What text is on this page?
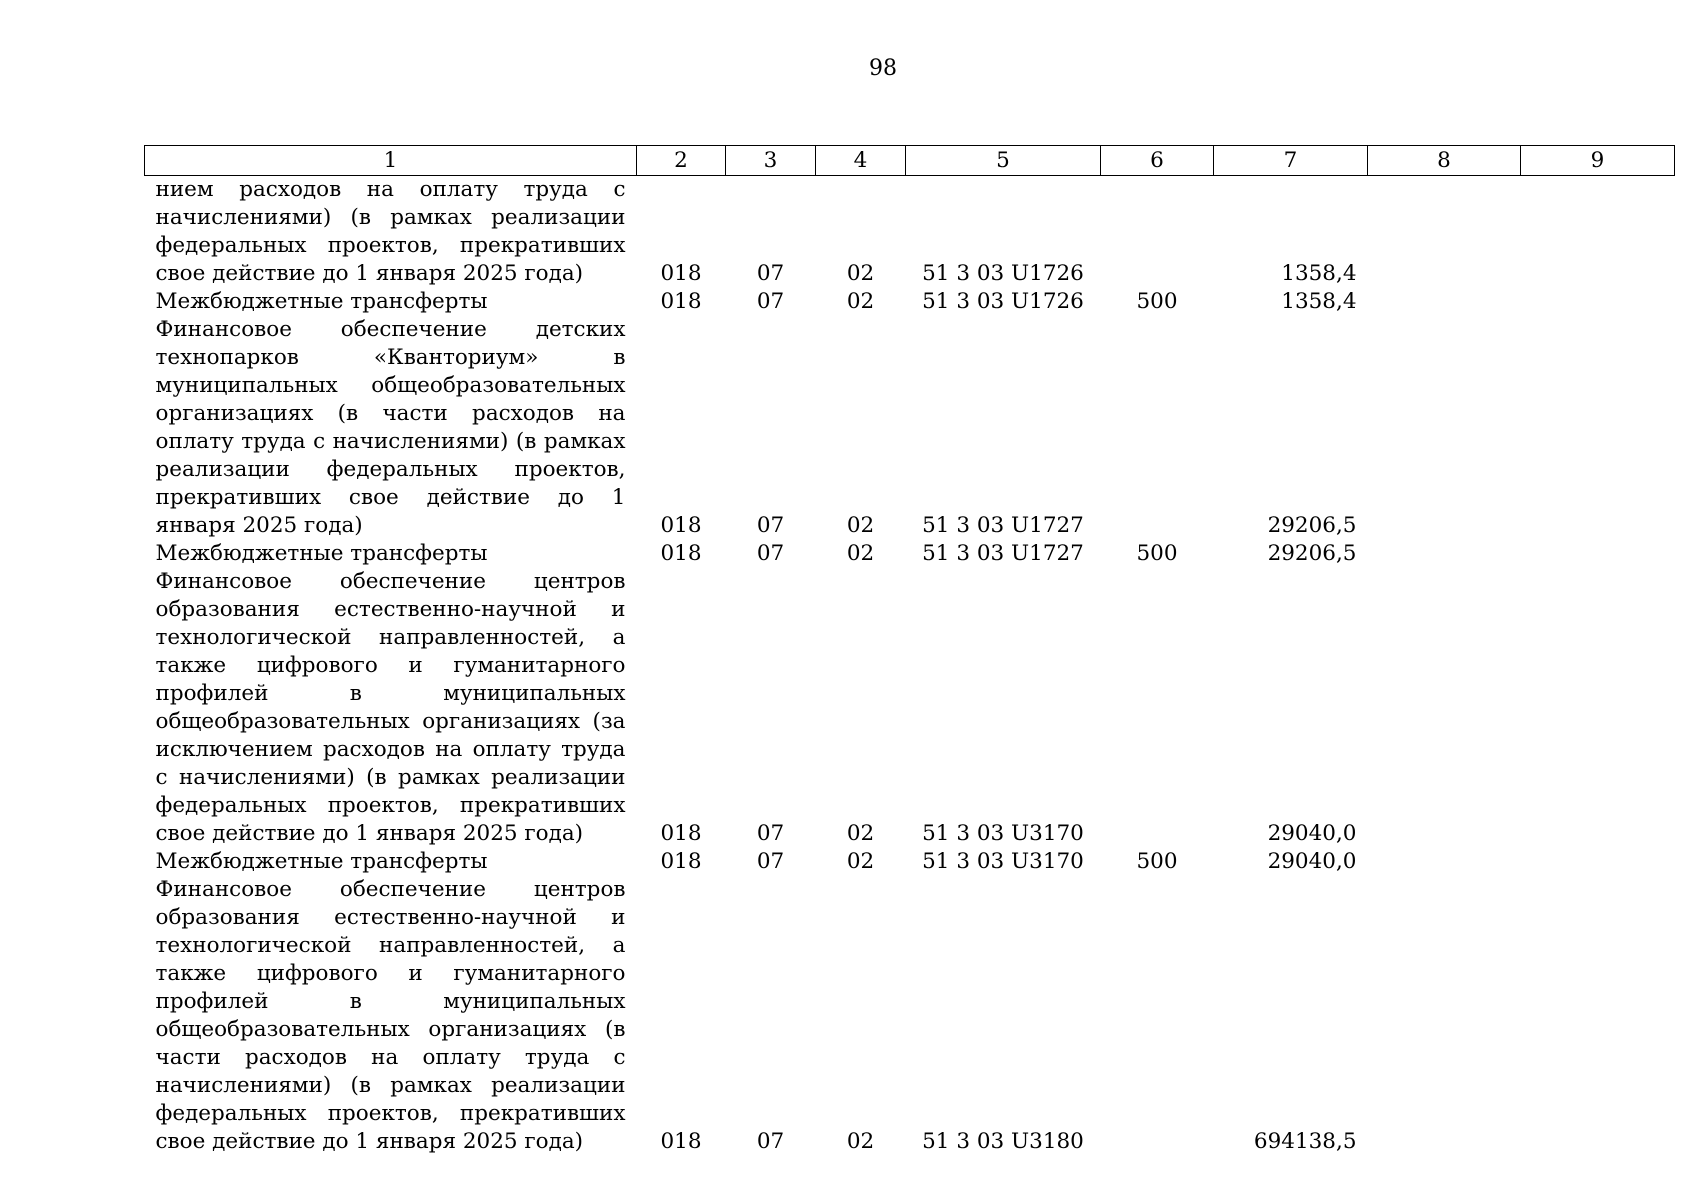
98
1	2	3	4	5	6	7	8	9
нием расходов на оплату труда с начислениями) (в рамках реализации федеральных проектов, прекративших свое действие до 1 января 2025 года)	018	07	02	51 3 03 U1726		1358,4		
Межбюджетные трансферты	018	07	02	51 3 03 U1726	500	1358,4		
Финансовое обеспечение детских технопарков «Кванториум» в муниципальных общеобразовательных организациях (в части расходов на оплату труда с начислениями) (в рамках реализации федеральных проектов, прекративших свое действие до 1 января 2025 года)	018	07	02	51 3 03 U1727		29206,5		
Межбюджетные трансферты	018	07	02	51 3 03 U1727	500	29206,5		
Финансовое обеспечение центров образования естественно-научной и технологической направленностей, а также цифрового и гуманитарного профилей в муниципальных общеобразовательных организациях (за исключением расходов на оплату труда с начислениями) (в рамках реализации федеральных проектов, прекративших свое действие до 1 января 2025 года)	018	07	02	51 3 03 U3170		29040,0		
Межбюджетные трансферты	018	07	02	51 3 03 U3170	500	29040,0		
Финансовое обеспечение центров образования естественно-научной и технологической направленностей, а также цифрового и гуманитарного профилей в муниципальных общеобразовательных организациях (в части расходов на оплату труда с начислениями) (в рамках реализации федеральных проектов, прекративших свое действие до 1 января 2025 года)	018	07	02	51 3 03 U3180		694138,5		
